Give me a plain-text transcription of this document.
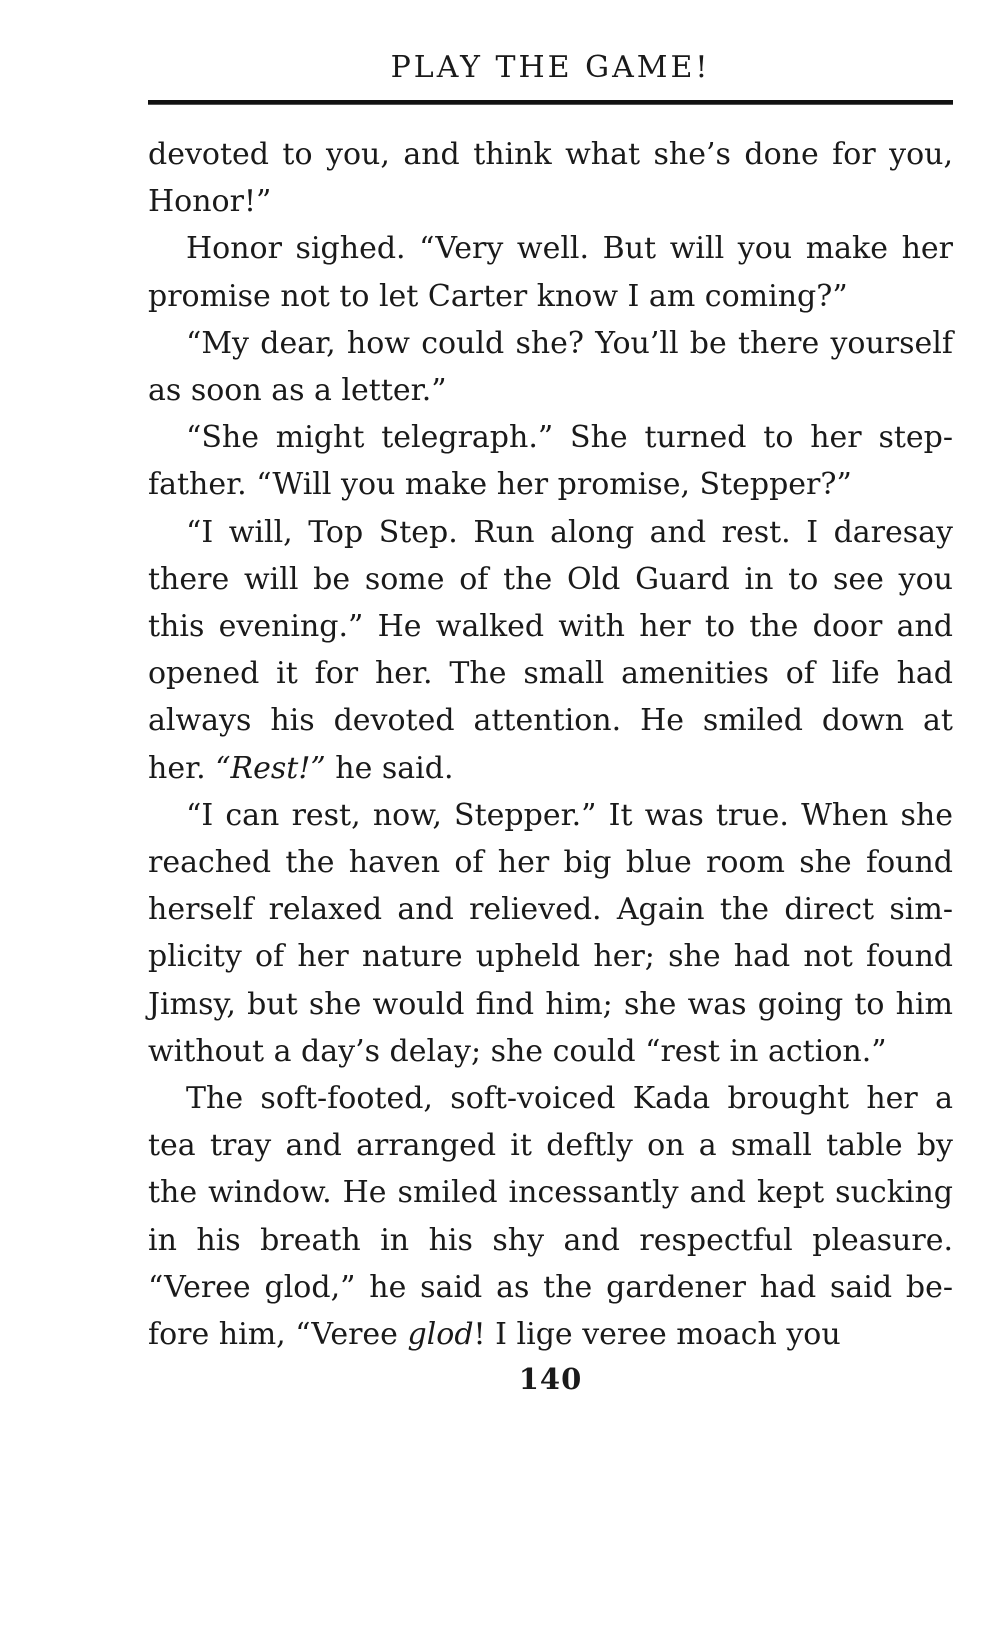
PLAY THE GAME!

devoted to you, and think what she’s done for you, Honor!”

Honor sighed. “Very well. But will you make her promise not to let Carter know I am coming?”

“My dear, how could she? You’ll be there yourself as soon as a letter.”

“She might telegraph.” She turned to her stepfather. “Will you make her promise, Stepper?”

“I will, Top Step. Run along and rest. I daresay there will be some of the Old Guard in to see you this evening.” He walked with her to the door and opened it for her. The small amenities of life had always his devoted attention. He smiled down at her. “Rest!” he said.

“I can rest, now, Stepper.” It was true. When she reached the haven of her big blue room she found herself relaxed and relieved. Again the direct simplicity of her nature upheld her; she had not found Jimsy, but she would find him; she was going to him without a day’s delay; she could “rest in action.”

The soft-footed, soft-voiced Kada brought her a tea tray and arranged it deftly on a small table by the window. He smiled incessantly and kept sucking in his breath in his shy and respectful pleasure. “Veree glod,” he said as the gardener had said before him, “Veree glod! I lige veree moach you

140
